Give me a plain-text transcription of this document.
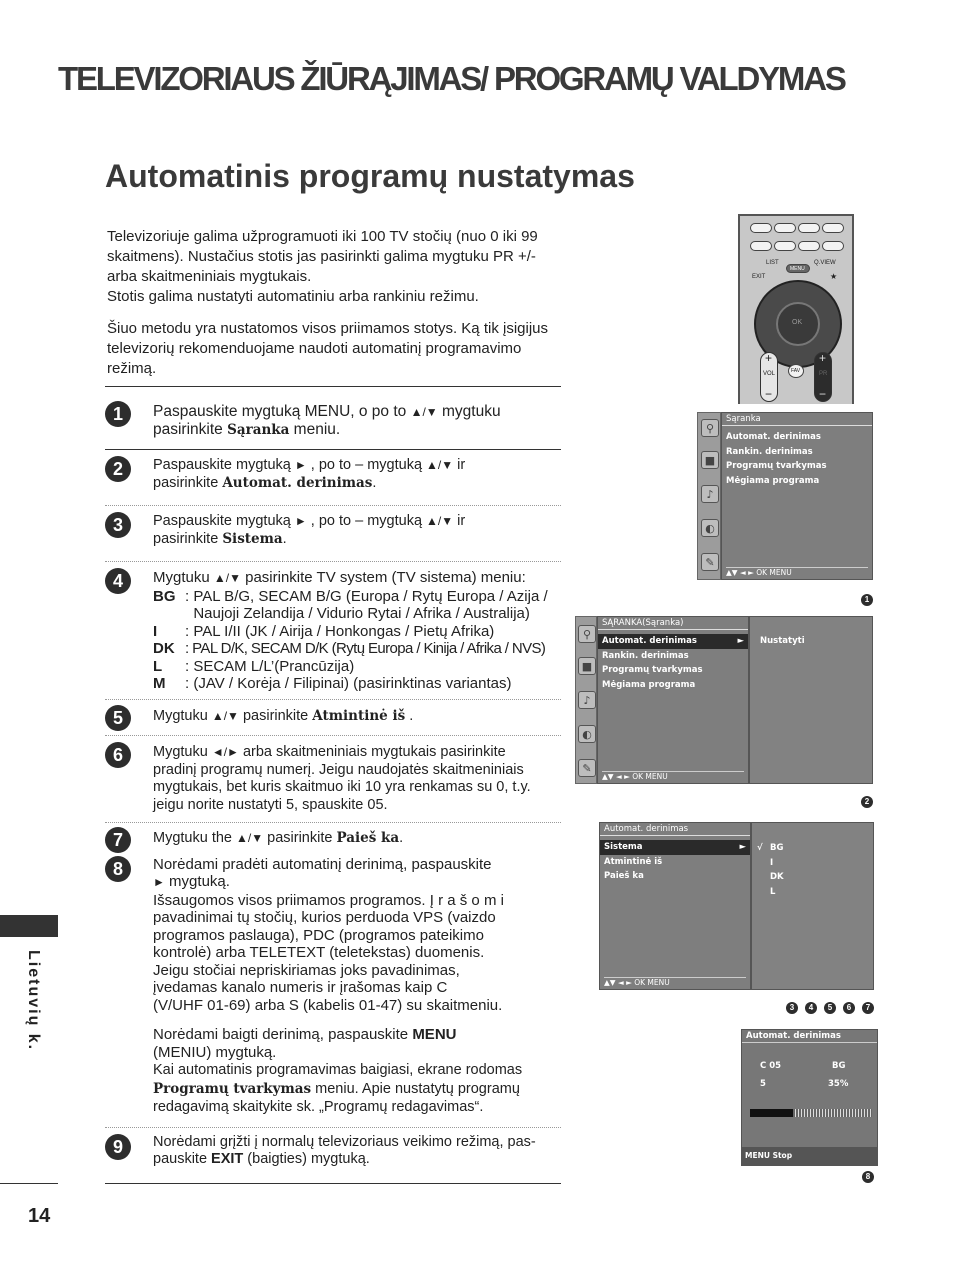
TELEVIZORIAUS ŽIŪRĄJIMAS/ PROGRAMŲ VALDYMAS
Automatinis programų nustatymas

Televizoriuje galima užprogramuoti iki 100 TV stočių (nuo 0 iki 99
skaitmens). Nustačius stotis jas pasirinkti galima mygtuku PR +/-
arba skaitmeniniais mygtukais.

Stotis galima nustatyti automatiniu arba rankiniu režimu.

Šiuo metodu yra nustatomos visos priimamos stotys. Ką tik įsigijus
televizorių rekomenduojame naudoti automatinį programavimo
režimą.

1	Paspauskite mygtuką MENU, o po to ▲/▼ mygtuku
pasirinkite Sąranka meniu.
2	Paspauskite mygtuką ► , po to – mygtuką ▲/▼ ir
pasirinkite Automat. derinimas.
3	Paspauskite mygtuką ► , po to – mygtuką ▲/▼ ir
pasirinkite Sistema.
4	Mygtuku ▲/▼ pasirinkite TV system (TV sistema) meniu:
BG : PAL B/G, SECAM B/G (Europa / Rytų Europa / Azija /
Naujoji Zelandija / Vidurio Rytai / Afrika / Australija)
I	: PAL I/II (JK / Airija / Honkongas / Pietų Afrika)
DK : PAL D/K, SECAM D/K (Rytų Europa / Kinija / Afrika / NVS)
L	: SECAM L/L’(Prancūzija)
M	: (JAV / Korėja / Filipinai) (pasirinktinas variantas)
5	Mygtuku ▲/▼ pasirinkite Atmintinė iš .
6	Mygtuku ◄/► arba skaitmeniniais mygtukais pasirinkite
pradinį programų numerį. Jeigu naudojatės skaitmeniniais
mygtukais, bet kuris skaitmuo iki 10 yra renkamas su 0, t.y.
jeigu norite nustatyti 5, spauskite 05.
7	Mygtuku the ▲/▼ pasirinkite Paieš ka.
8	Norėdami pradėti automatinį derinimą, paspauskite
► mygtuką.
Išsaugomos visos priimamos programos. Į r a š o m i
pavadinimai tų stočių, kurios perduoda VPS (vaizdo
programos paslauga), PDC (programos pateikimo
kontrolė) arba TELETEXT (teletekstas) duomenis.
Jeigu stočiai nepriskiriamas joks pavadinimas,
įvedamas kanalo numeris ir įrašomas kaip C
(V/UHF 01-69) arba S (kabelis 01-47) su skaitmeniu.
Norėdami baigti derinimą, paspauskite MENU
(MENIU) mygtuką.
Kai automatinis programavimas baigiasi, ekrane rodomas
Programų tvarkymas meniu. Apie nustatytų programų
redagavimą skaitykite sk. „Programų redagavimas“.
9	Norėdami grįžti į normalų televizoriaus veikimo režimą, pas-
pauskite EXIT (baigties) mygtuką.
Lietuvių k.
14
LIST
MENU
Q.VIEW
EXIT	★
OK
+
VOL
−
FAV
+
PR
−
⚲
■
♪
◐
✎
Sąranka
Automat. derinimas
Rankin. derinimas
Programų tvarkymas
Mėgiama programa
▲▼ ◄ ► OK MENU
1
⚲
■
♪
◐
✎
SĄRANKA(Sąranka)
Automat. derinimas	►
Rankin. derinimas
Programų tvarkymas
Mėgiama programa
▲▼ ◄ ► OK MENU
Nustatyti
2
Automat. derinimas
Sistema	►
Atmintinė iš
Paieš ka
▲▼ ◄ ► OK MENU
√ BG
I
DK
L
3	4	5	6	7
Automat. derinimas
C 05	BG
5	35%
MENU Stop
8
